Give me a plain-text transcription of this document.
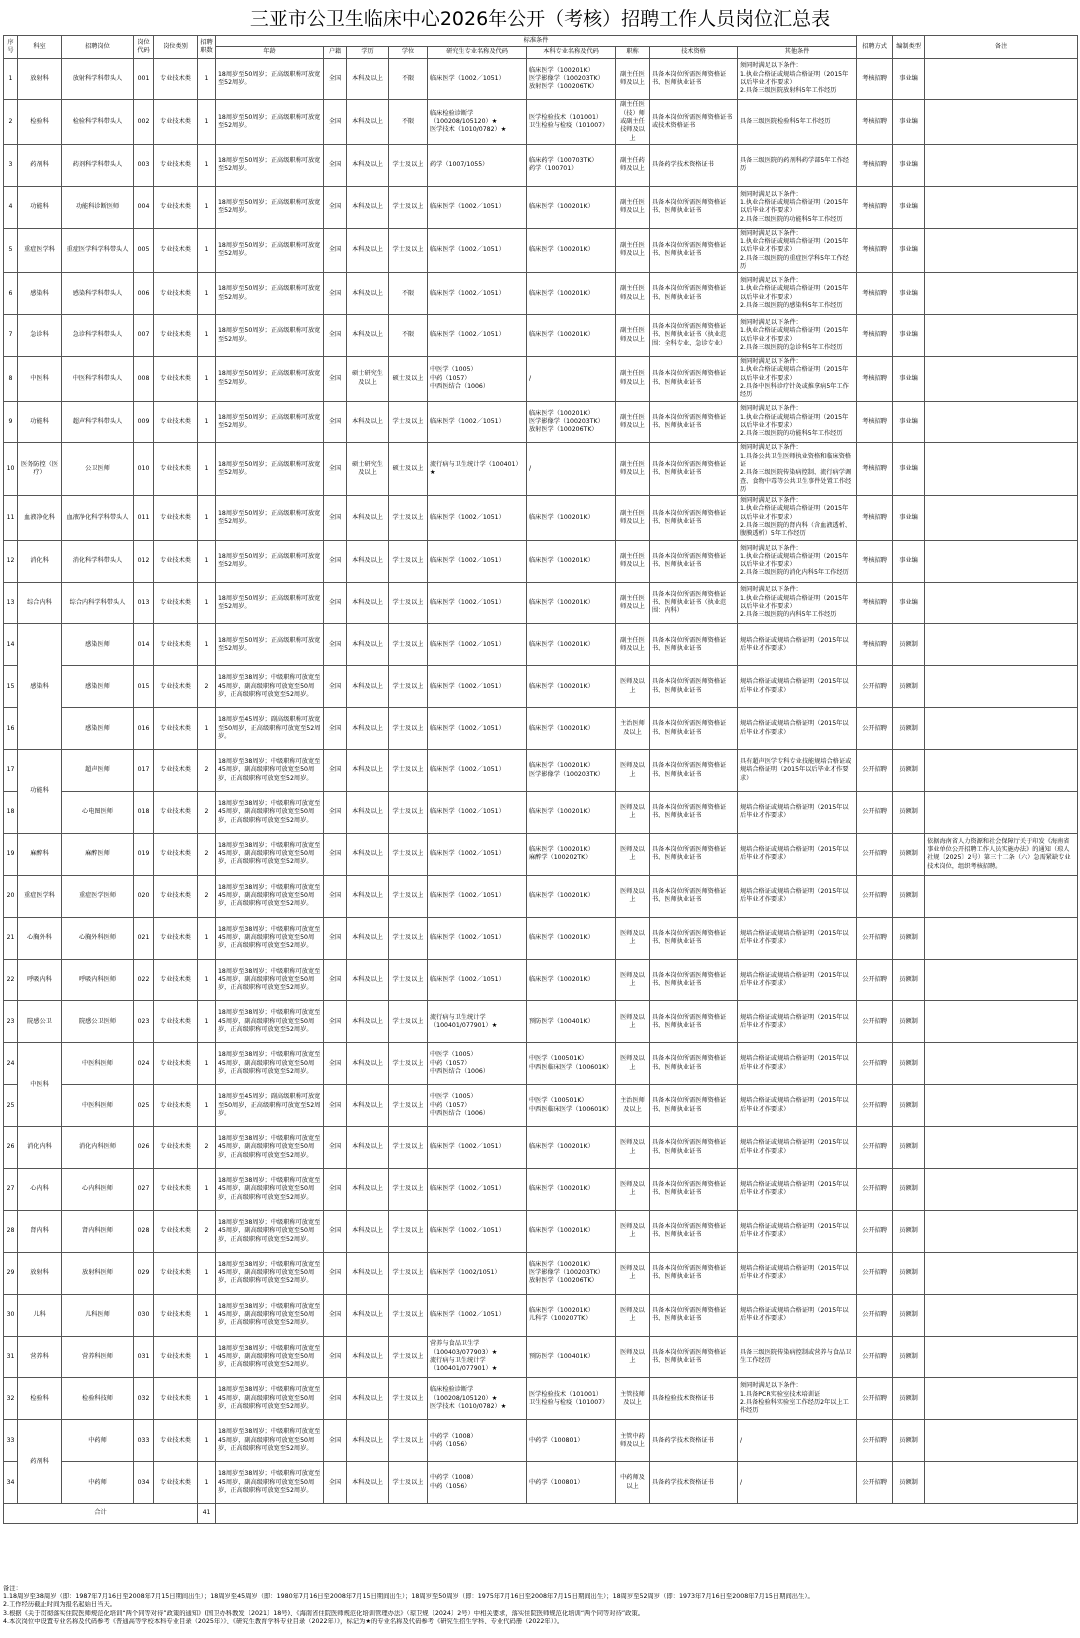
三亚市公卫生临床中心2026年公开（考核）招聘工作人员岗位汇总表
序号	科室	招聘岗位	岗位代码	岗位类别	招聘职数	标准条件									招聘方式	编制类型	备注
						年龄	户籍	学历	学位	研究生专业名称及代码	本科专业名称及代码	职称	技术资格	其他条件			
1	放射科	放射科学科带头人	001	专业技术类	1	18周岁至50周岁；正高级职称可放宽至52周岁。	全国	本科及以上	不限	临床医学（1002／1051）	临床医学（100201K）
医学影像学（100203TK）
放射医学（100206TK）	副主任医师及以上	具备本岗位所需医师资格证书、医师执业证书	须同时满足以下条件：
1.执业合格证或规培合格证明（2015年以后毕业才作要求）
2.具备三级医院放射科5年工作经历	考核招聘	事业编	
2	检验科	检验科学科带头人	002	专业技术类	1	18周岁至50周岁；正高级职称可放宽至52周岁。	全国	本科及以上	不限	临床检验诊断学（100208/105120）★
医学技术（1010/0782）★	医学检验技术（101001）
卫生检验与检疫（101007）	副主任医（技）师或副主任技师及以上	具备本岗位所需医师资格证书或技术资格证书	具备三级医院检验科5年工作经历	考核招聘	事业编	
3	药剂科	药剂科学科带头人	003	专业技术类	1	18周岁至50周岁；正高级职称可放宽至52周岁。	全国	本科及以上	学士及以上	药学（1007/1055）	临床药学（100703TK）
药学（100701）	副主任药师及以上	具备药学技术资格证书	具备三级医院的药剂科药学部5年工作经历	考核招聘	事业编	
4	功能科	功能科诊断医师	004	专业技术类	1	18周岁至50周岁；正高级职称可放宽至52周岁。	全国	本科及以上	学士及以上	临床医学（1002／1051）	临床医学（100201K）	副主任医师及以上	具备本岗位所需医师资格证书、医师执业证书	须同时满足以下条件：
1.执业合格证或规培合格证明（2015年以后毕业才作要求）
2.具备三级医院的功能科5年工作经历	考核招聘	事业编	
5	重症医学科	重症医学科学科带头人	005	专业技术类	1	18周岁至50周岁；正高级职称可放宽至52周岁。	全国	本科及以上	学士及以上	临床医学（1002／1051）	临床医学（100201K）	副主任医师及以上	具备本岗位所需医师资格证书、医师执业证书	须同时满足以下条件：
1.执业合格证或规培合格证明（2015年以后毕业才作要求）
2.具备三级医院的重症医学科5年工作经历	考核招聘	事业编	
6	感染科	感染科学科带头人	006	专业技术类	1	18周岁至50周岁；正高级职称可放宽至52周岁。	全国	本科及以上	不限	临床医学（1002／1051）	临床医学（100201K）	副主任医师及以上	具备本岗位所需医师资格证书、医师执业证书	须同时满足以下条件：
1.执业合格证或规培合格证明（2015年以后毕业才作要求）
2.具备三级医院的感染科5年工作经历	考核招聘	事业编	
7	急诊科	急诊科学科带头人	007	专业技术类	1	18周岁至50周岁；正高级职称可放宽至52周岁。	全国	本科及以上	不限	临床医学（1002／1051）	临床医学（100201K）	副主任医师及以上	具备本岗位所需医师资格证书、医师执业证书（执业范围：全科专业、急诊专业）	须同时满足以下条件：
1.执业合格证或规培合格证明（2015年以后毕业才作要求）
2.具备三级医院的急诊科5年工作经历	考核招聘	事业编	
8	中医科	中医科学科带头人	008	专业技术类	1	18周岁至50周岁；正高级职称可放宽至52周岁。	全国	硕士研究生及以上	硕士及以上	中医学（1005）
中药（1057）
中西医结合（1006）	/	副主任医师及以上	具备本岗位所需医师资格证书、医师执业证书	须同时满足以下条件：
1.执业合格证或规培合格证明（2015年以后毕业才作要求）
2.具备中医科诊疗针灸或推拿病5年工作经历	考核招聘	事业编	
9	功能科	超声科学科带头人	009	专业技术类	1	18周岁至50周岁；正高级职称可放宽至52周岁。	全国	本科及以上	学士及以上	临床医学（1002／1051）	临床医学（100201K）
医学影像学（100203TK）
放射医学（100206TK）	副主任医师及以上	具备本岗位所需医师资格证书、医师执业证书	须同时满足以下条件：
1.执业合格证或规培合格证明（2015年以后毕业才作要求）
2.具备三级医院的功能科5年工作经历	考核招聘	事业编	
10	医务防控（医疗）	公卫医师	010	专业技术类	1	18周岁至50周岁；正高级职称可放宽至52周岁。	全国	硕士研究生及以上	硕士及以上	流行病与卫生统计学（100401）★	/	副主任医师及以上	具备本岗位所需医师资格证书、医师执业证书	须同时满足以下条件：
1.具备公共卫生医师执业资格和临床资格证
2.具备三级医院传染病控制、流行病学调查、食物中毒等公共卫生事件处置工作经历	考核招聘	事业编	
11	血液净化科	血液净化科学科带头人	011	专业技术类	1	18周岁至50周岁；正高级职称可放宽至52周岁。	全国	本科及以上	学士及以上	临床医学（1002／1051）	临床医学（100201K）	副主任医师及以上	具备本岗位所需医师资格证书、医师执业证书	须同时满足以下条件：
1.执业合格证或规培合格证明（2015年以后毕业才作要求）
2.具备三级医院的肾内科（含血液透析、腹膜透析）5年工作经历	考核招聘	事业编	
12	消化科	消化科学科带头人	012	专业技术类	1	18周岁至50周岁；正高级职称可放宽至52周岁。	全国	本科及以上	学士及以上	临床医学（1002／1051）	临床医学（100201K）	副主任医师及以上	具备本岗位所需医师资格证书、医师执业证书	须同时满足以下条件：
1.执业合格证或规培合格证明（2015年以后毕业才作要求）
2.具备三级医院的消化内科5年工作经历	考核招聘	事业编	
13	综合内科	综合内科学科带头人	013	专业技术类	1	18周岁至50周岁；正高级职称可放宽至52周岁。	全国	本科及以上	学士及以上	临床医学（1002／1051）	临床医学（100201K）	副主任医师及以上	具备本岗位所需医师资格证书、医师执业证书（执业范围：内科）	须同时满足以下条件：
1.执业合格证或规培合格证明（2015年以后毕业才作要求）
2.具备三级医院的内科5年工作经历	考核招聘	事业编	
14	感染科	感染医师	014	专业技术类	1	18周岁至50周岁；正高级职称可放宽至52周岁。	全国	本科及以上	学士及以上	临床医学（1002／1051）	临床医学（100201K）	副主任医师及以上	具备本岗位所需医师资格证书、医师执业证书	规培合格证或规培合格证明（2015年以后毕业才作要求）	考核招聘	员额制	
15		感染医师	015	专业技术类	2	18周岁至38周岁；中级职称可放宽至45周岁，副高级职称可放宽至50周岁，正高级职称可放宽至52周岁。	全国	本科及以上	学士及以上	临床医学（1002／1051）	临床医学（100201K）	医师及以上	具备本岗位所需医师资格证书、医师执业证书	规培合格证或规培合格证明（2015年以后毕业才作要求）	公开招聘	员额制	
16		感染医师	016	专业技术类	1	18周岁至45周岁；副高级职称可放宽至50周岁，正高级职称可放宽至52周岁。	全国	本科及以上	学士及以上	临床医学（1002／1051）	临床医学（100201K）	主治医师及以上	具备本岗位所需医师资格证书、医师执业证书	规培合格证或规培合格证明（2015年以后毕业才作要求）	公开招聘	员额制	
17	功能科	超声医师	017	专业技术类	2	18周岁至38周岁；中级职称可放宽至45周岁，副高级职称可放宽至50周岁，正高级职称可放宽至52周岁。	全国	本科及以上	学士及以上	临床医学（1002／1051）	临床医学（100201K）
医学影像学（100203TK）	医师及以上	具备本岗位所需医师资格证书、医师执业证书	具有超声医学专科专业技能规培合格证或规培合格证明（2015年以后毕业才作要求）	公开招聘	员额制	
18		心电图医师	018	专业技术类	2	18周岁至38周岁；中级职称可放宽至45周岁，副高级职称可放宽至50周岁，正高级职称可放宽至52周岁。	全国	本科及以上	学士及以上	临床医学（1002／1051）	临床医学（100201K）	医师及以上	具备本岗位所需医师资格证书、医师执业证书	规培合格证或规培合格证明（2015年以后毕业才作要求）	公开招聘	员额制	
19	麻醉科	麻醉医师	019	专业技术类	2	18周岁至38周岁；中级职称可放宽至45周岁，副高级职称可放宽至50周岁，正高级职称可放宽至52周岁。	全国	本科及以上	学士及以上	临床医学（1002／1051）	临床医学（100201K）
麻醉学（100202TK）	医师及以上	具备本岗位所需医师资格证书、医师执业证书	规培合格证或规培合格证明（2015年以后毕业才作要求）	公开招聘	员额制	依据海南省人力资源和社会保障厅关于印发《海南省事业单位公开招聘工作人员实施办法》的通知（琼人社规〔2025〕2号）第三十二条（六）急需紧缺专业技术岗位，组织考核招聘。
20	重症医学科	重症医学医师	020	专业技术类	2	18周岁至38周岁；中级职称可放宽至45周岁，副高级职称可放宽至50周岁，正高级职称可放宽至52周岁。	全国	本科及以上	学士及以上	临床医学（1002／1051）	临床医学（100201K）	医师及以上	具备本岗位所需医师资格证书、医师执业证书	规培合格证或规培合格证明（2015年以后毕业才作要求）	公开招聘	员额制	
21	心胸外科	心胸外科医师	021	专业技术类	1	18周岁至38周岁；中级职称可放宽至45周岁，副高级职称可放宽至50周岁，正高级职称可放宽至52周岁。	全国	本科及以上	学士及以上	临床医学（1002／1051）	临床医学（100201K）	医师及以上	具备本岗位所需医师资格证书、医师执业证书	规培合格证或规培合格证明（2015年以后毕业才作要求）	公开招聘	员额制	
22	呼吸内科	呼吸内科医师	022	专业技术类	1	18周岁至38周岁；中级职称可放宽至45周岁，副高级职称可放宽至50周岁，正高级职称可放宽至52周岁。	全国	本科及以上	学士及以上	临床医学（1002／1051）	临床医学（100201K）	医师及以上	具备本岗位所需医师资格证书、医师执业证书	规培合格证或规培合格证明（2015年以后毕业才作要求）	公开招聘	员额制	
23	院感公卫	院感公卫医师	023	专业技术类	1	18周岁至38周岁；中级职称可放宽至45周岁，副高级职称可放宽至50周岁，正高级职称可放宽至52周岁。	全国	本科及以上	学士及以上	流行病与卫生统计学（100401/077901）★	预防医学（100401K）	医师及以上	具备本岗位所需医师资格证书、医师执业证书	规培合格证或规培合格证明（2015年以后毕业才作要求）	公开招聘	员额制	
24	中医科	中医科医师	024	专业技术类	1	18周岁至38周岁；中级职称可放宽至45周岁，副高级职称可放宽至50周岁，正高级职称可放宽至52周岁。	全国	本科及以上	学士及以上	中医学（1005）
中药（1057）
中西医结合（1006）	中医学（100501K）
中西医临床医学（100601K）	医师及以上	具备本岗位所需医师资格证书、医师执业证书	规培合格证或规培合格证明（2015年以后毕业才作要求）	公开招聘	员额制	
25		中医科医师	025	专业技术类	1	18周岁至45周岁；副高级职称可放宽至50周岁，正高级职称可放宽至52周岁。	全国	本科及以上	学士及以上	中医学（1005）
中药（1057）
中西医结合（1006）	中医学（100501K）
中西医临床医学（100601K）	主治医师及以上	具备本岗位所需医师资格证书、医师执业证书	规培合格证或规培合格证明（2015年以后毕业才作要求）	公开招聘	员额制	
26	消化内科	消化内科医师	026	专业技术类	2	18周岁至38周岁；中级职称可放宽至45周岁，副高级职称可放宽至50周岁，正高级职称可放宽至52周岁。	全国	本科及以上	学士及以上	临床医学（1002／1051）	临床医学（100201K）	医师及以上	具备本岗位所需医师资格证书、医师执业证书	规培合格证或规培合格证明（2015年以后毕业才作要求）	公开招聘	员额制	
27	心内科	心内科医师	027	专业技术类	1	18周岁至38周岁；中级职称可放宽至45周岁，副高级职称可放宽至50周岁，正高级职称可放宽至52周岁。	全国	本科及以上	学士及以上	临床医学（1002／1051）	临床医学（100201K）	医师及以上	具备本岗位所需医师资格证书、医师执业证书	规培合格证或规培合格证明（2015年以后毕业才作要求）	公开招聘	员额制	
28	肾内科	肾内科医师	028	专业技术类	2	18周岁至38周岁；中级职称可放宽至45周岁，副高级职称可放宽至50周岁，正高级职称可放宽至52周岁。	全国	本科及以上	学士及以上	临床医学（1002／1051）	临床医学（100201K）	医师及以上	具备本岗位所需医师资格证书、医师执业证书	规培合格证或规培合格证明（2015年以后毕业才作要求）	公开招聘	员额制	
29	放射科	放射科医师	029	专业技术类	1	18周岁至38周岁；中级职称可放宽至45周岁，副高级职称可放宽至50周岁，正高级职称可放宽至52周岁。	全国	本科及以上	学士及以上	临床医学（1002/1051）	临床医学（100201K）
医学影像学（100203TK）
放射医学（100206TK）	医师及以上	具备本岗位所需医师资格证书、医师执业证书	规培合格证或规培合格证明（2015年以后毕业才作要求）	公开招聘	员额制	
30	儿科	儿科医师	030	专业技术类	1	18周岁至38周岁；中级职称可放宽至45周岁，副高级职称可放宽至50周岁，正高级职称可放宽至52周岁。	全国	本科及以上	学士及以上	临床医学（1002／1051）	临床医学（100201K）
儿科学（100207TK）	医师及以上	具备本岗位所需医师资格证书、医师执业证书	规培合格证或规培合格证明（2015年以后毕业才作要求）	公开招聘	员额制	
31	营养科	营养科医师	031	专业技术类	1	18周岁至38周岁；中级职称可放宽至45周岁，副高级职称可放宽至50周岁，正高级职称可放宽至52周岁。	全国	本科及以上	学士及以上	营养与食品卫生学（100403/077903）★
流行病与卫生统计学（100401/077901）★	预防医学（100401K）	医师及以上	具备本岗位所需医师资格证书、医师执业证书	具备三级医院传染病控制或营养与食品卫生工作经历	公开招聘	员额制	
32	检验科	检验科技师	032	专业技术类	1	18周岁至38周岁；中级职称可放宽至45周岁，副高级职称可放宽至50周岁，正高级职称可放宽至52周岁。	全国	本科及以上	学士及以上	临床检验诊断学（100208/105120）★
医学技术（1010/0782）★	医学检验技术（101001）
卫生检验与检疫（101007）	主管技师及以上	具备检验技术资格证书	须同时满足以下条件：
1.具备PCR实验室技术培训证
2.具备检验科实验室工作经历2年以上工作经历	公开招聘	员额制	
33	药剂科	中药师	033	专业技术类	1	18周岁至38周岁；中级职称可放宽至45周岁，副高级职称可放宽至50周岁，正高级职称可放宽至52周岁。	全国	本科及以上	学士及以上	中药学（1008）
中药（1056）	中药学（100801）	主管中药师及以上	具备药学技术资格证书	/	公开招聘	员额制	
34		中药师	034	专业技术类	1	18周岁至38周岁；中级职称可放宽至45周岁，副高级职称可放宽至50周岁，正高级职称可放宽至52周岁。	全国	本科及以上	学士及以上	中药学（1008）
中药（1056）	中药学（100801）	中药师及以上	具备药学技术资格证书	/	公开招聘	员额制	
合计					41												
备注：
1.18周岁至38周岁（即：1987年7月16日至2008年7月15日期间出生）；18周岁至45周岁（即：1980年7月16日至2008年7月15日期间出生）；18周岁至50周岁（即：1975年7月16日至2008年7月15日期间出生）；18周岁至52周岁（即：1973年7月16日至2008年7月15日期间出生）。
2.工作经历截止时间为报名起始日当天。
3.根据《关于贯彻落实住院医师规范化培训“两个同等对待”政策的通知》(国卫办科教发〔2021〕18号)、《海南省住院医师规范化培训管理办法》（琼卫规〔2024〕2号）中相关要求，落实住院医师规范化培训“两个同等对待”政策。
4.本次岗位中设置专业名称及代码参考《普通高等学校本科专业目录（2025年）》、《研究生教育学科专业目录（2022年）》，标记为★的专业名称及代码参考《研究生招生学科、专业代码册（2022年）》。
